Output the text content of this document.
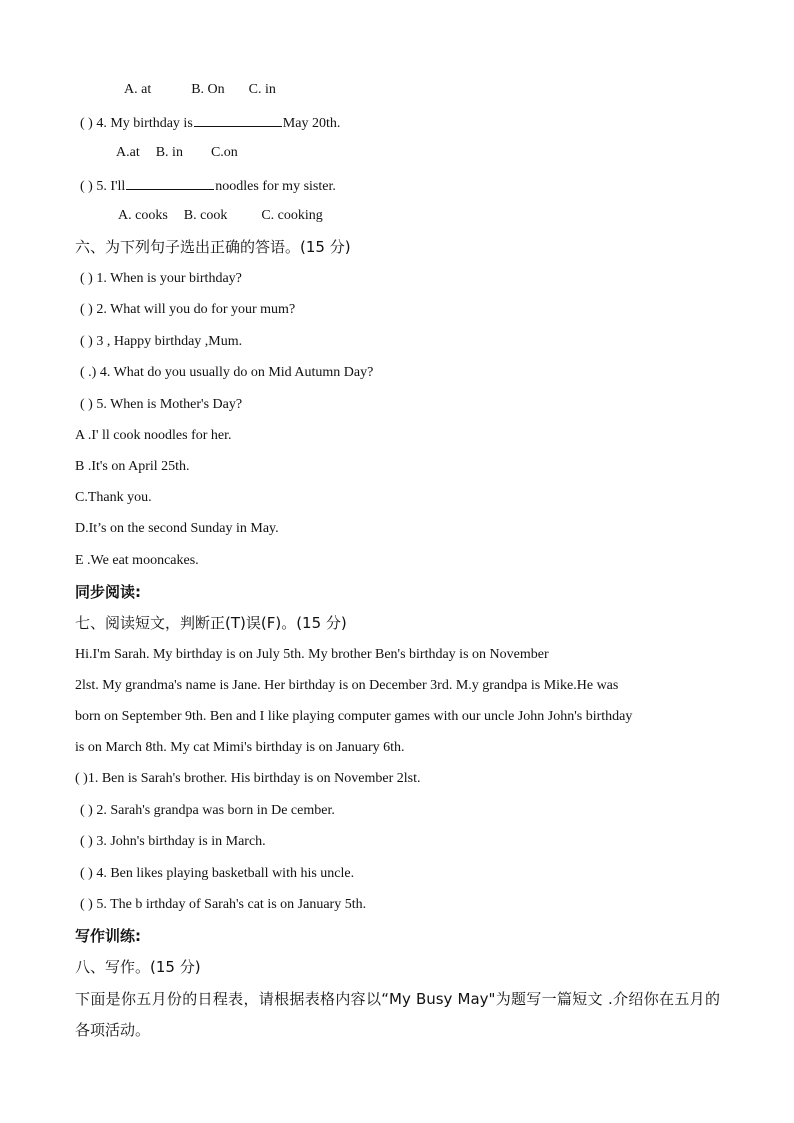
A. at	B. On C. in
( ) 4. My birthday is	May 20th.
A.at B. in C.on
( ) 5. I'll	noodles for my sister.
A. cooks B. cook C. cooking
六、为下列句子选出正确的答语。(15 分)
( ) 1. When is your birthday?
( ) 2. What will you do for your mum?
( ) 3 , Happy birthday ,Mum.
( .) 4. What do you usually do on Mid Autumn Day?
( ) 5. When is Mother's Day?
A .I' ll cook noodles for her.
B .It's on April 25th.
C.Thank you.
D.It’s on the second Sunday in May.
E .We eat mooncakes.
同步阅读:
七、阅读短文，判断正(T)误(F)。(15 分)
Hi.I'm Sarah. My birthday is on July 5th. My brother Ben's birthday is on November
2lst. My grandma's name is Jane. Her birthday is on December 3rd. M.y grandpa is Mike.He was
born on September 9th. Ben and I like playing computer games with our uncle John John's birthday
is on March 8th. My cat Mimi's birthday is on January 6th.
( )1. Ben is Sarah's brother. His birthday is on November 2lst.
( ) 2. Sarah's grandpa was born in De cember.
( ) 3. John's birthday is in March.
( ) 4. Ben likes playing basketball with his uncle.
( ) 5. The b irthday of Sarah's cat is on January 5th.
写作训练:
八、写作。(15 分)
下面是你五月份的日程表，请根据表格内容以“My Busy May"为题写一篇短文 .介绍你在五月的各项活动。
